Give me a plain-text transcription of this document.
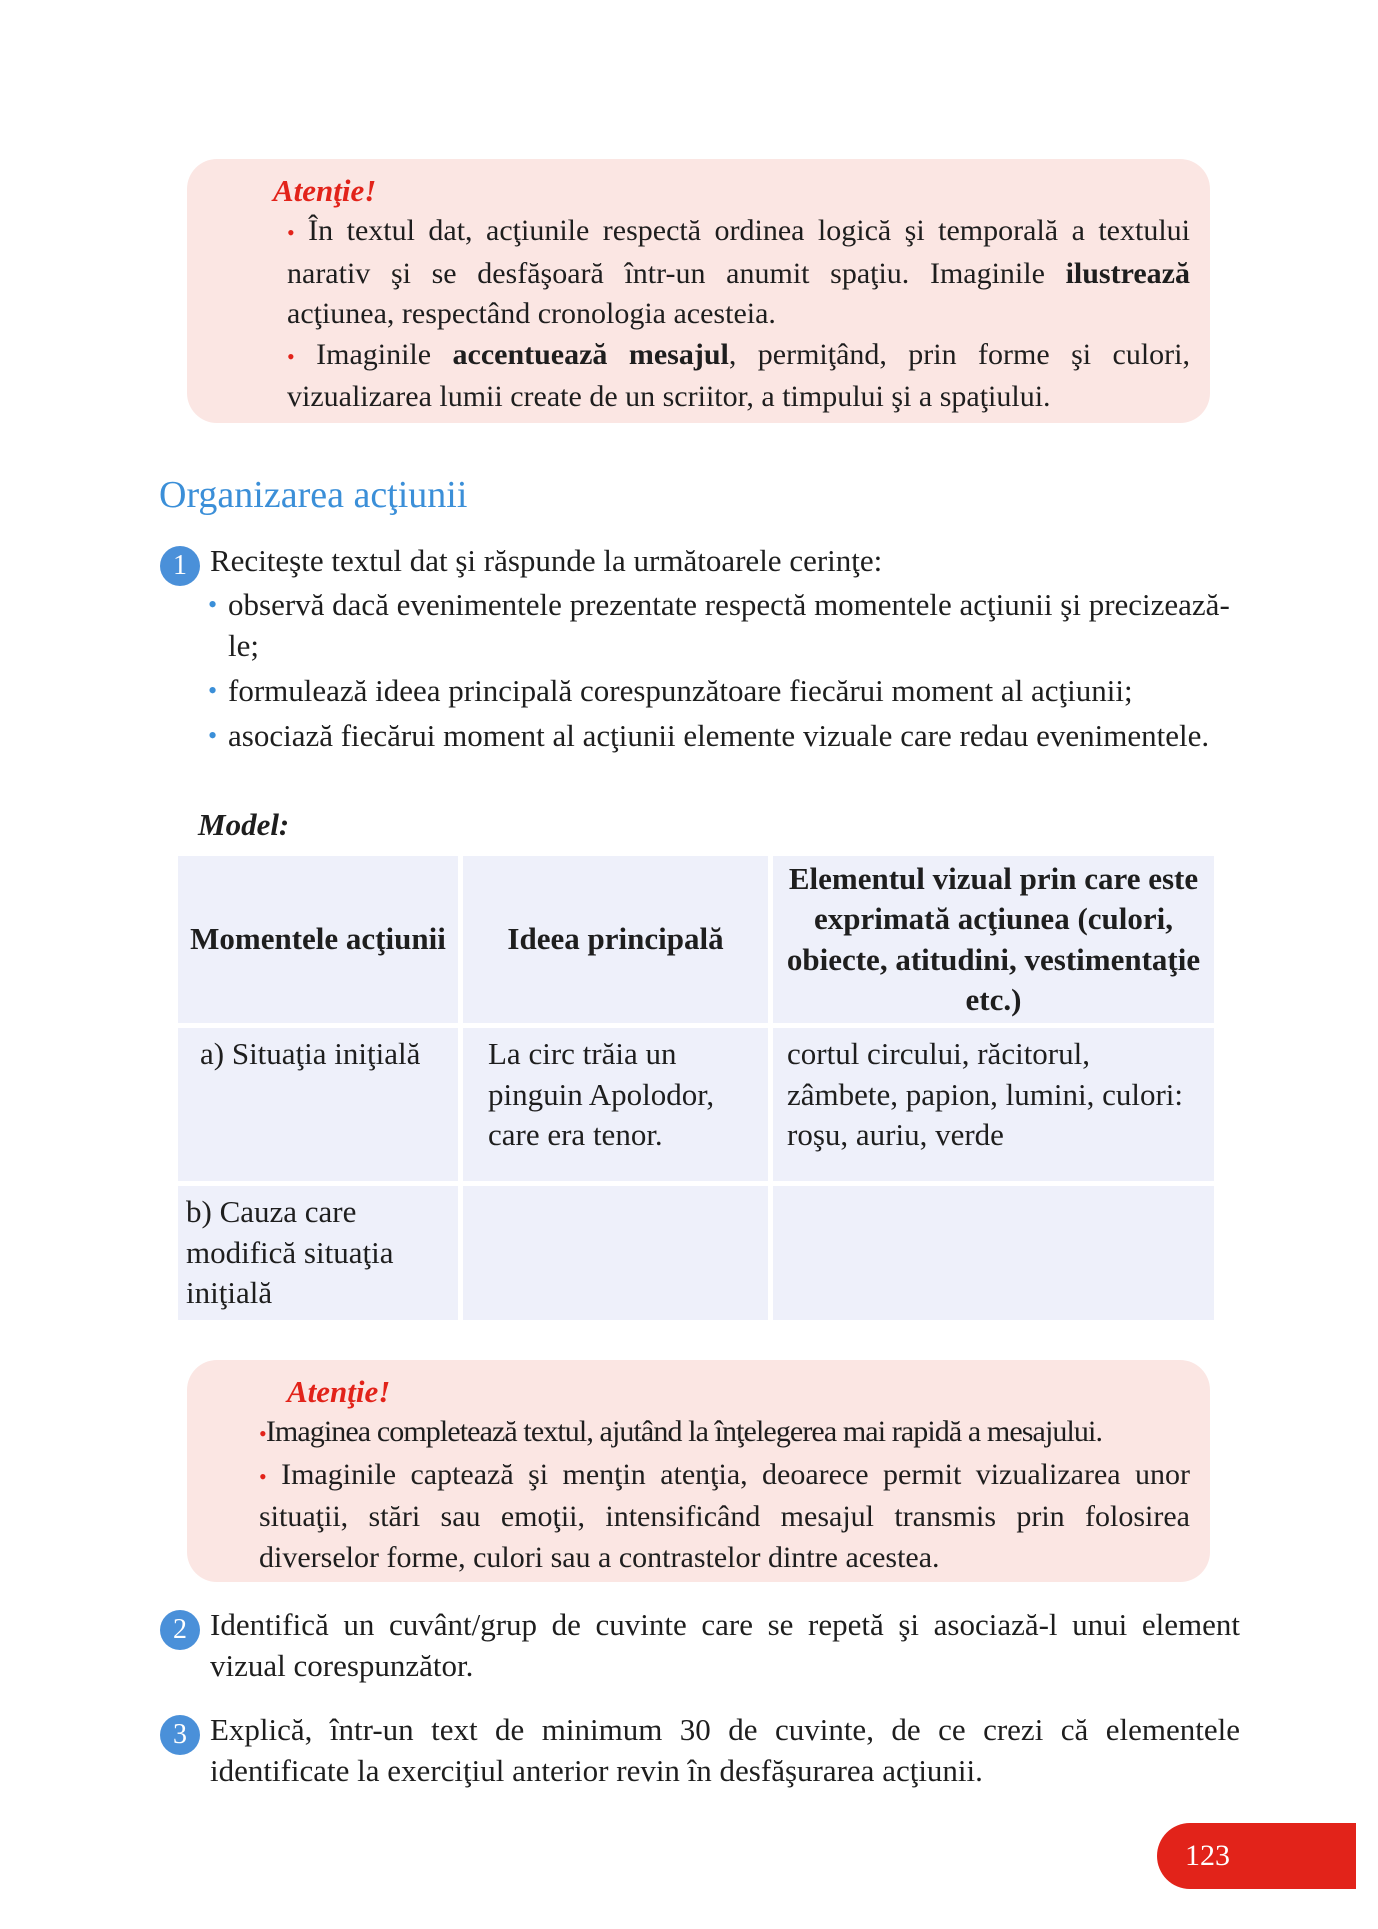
Atenţie!

• În textul dat, acţiunile respectă ordinea logică şi temporală a textului narativ şi se desfăşoară într-un anumit spaţiu. Imaginile ilustrează acţiunea, respectând cronologia acesteia.

• Imaginile accentuează mesajul, permiţând, prin forme şi culori, vizualizarea lumii create de un scriitor, a timpului şi a spaţiului.

Organizarea acţiunii
1 Reciteşte textul dat şi răspunde la următoarele cerinţe:
• observă dacă evenimentele prezentate respectă momentele acţiunii şi precizează-le;
• formulează ideea principală corespunzătoare fiecărui moment al acţiunii;
• asociază fiecărui moment al acţiunii elemente vizuale care redau evenimentele.
Model:
Momentele acţiunii	Ideea principală	Elementul vizual prin care este exprimată acţiunea (culori, obiecte, atitudini, vestimentaţie etc.)
a) Situaţia iniţială	La circ trăia un pinguin Apolodor, care era tenor.	cortul circului, răcitorul, zâmbete, papion, lumini, culori: roşu, auriu, verde
b) Cauza care modifică situaţia iniţială		
Atenţie!

•Imaginea completează textul, ajutând la înţelegerea mai rapidă a mesajului.

• Imaginile captează şi menţin atenţia, deoarece permit vizualizarea unor situaţii, stări sau emoţii, intensificând mesajul transmis prin folosirea diverselor forme, culori sau a contrastelor dintre acestea.

2 Identifică un cuvânt/grup de cuvinte care se repetă şi asociază-l unui element vizual corespunzător.
3 Explică, într-un text de minimum 30 de cuvinte, de ce crezi că elementele identificate la exerciţiul anterior revin în desfăşurarea acţiunii.
123
